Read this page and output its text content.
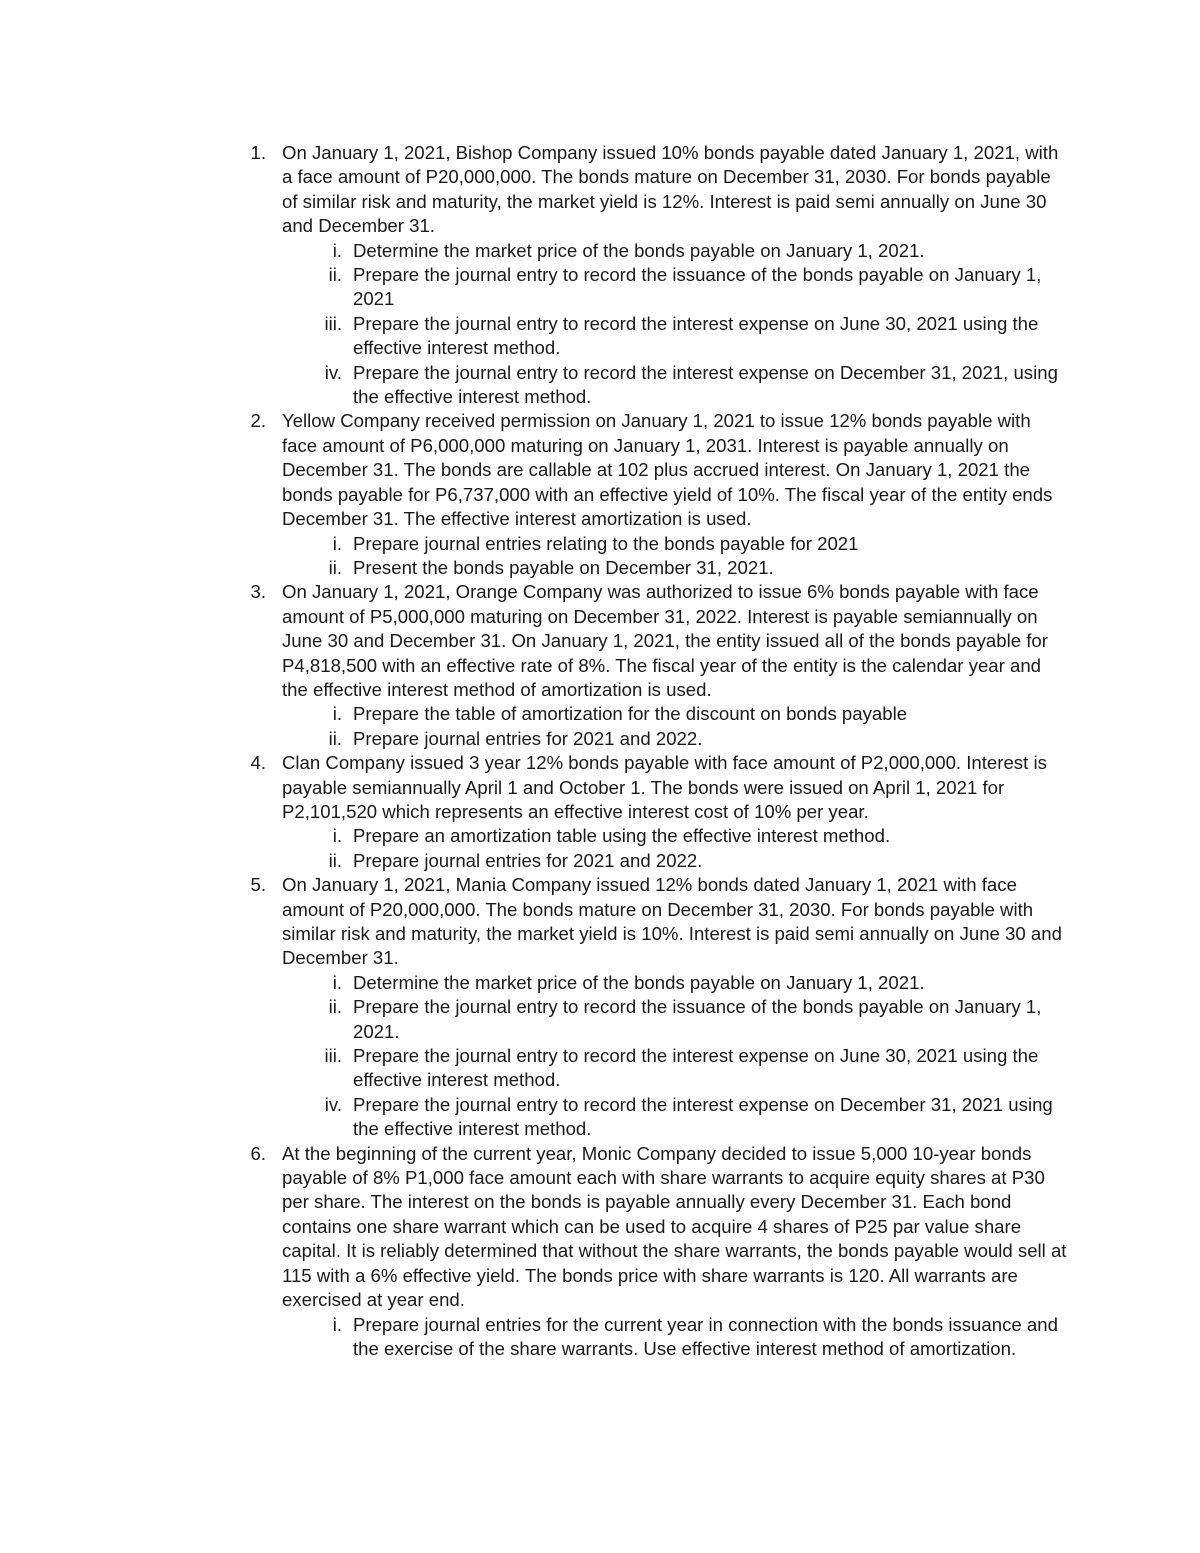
1. On January 1, 2021, Bishop Company issued 10% bonds payable dated January 1, 2021, with a face amount of P20,000,000. The bonds mature on December 31, 2030. For bonds payable of similar risk and maturity, the market yield is 12%. Interest is paid semi annually on June 30 and December 31.
i. Determine the market price of the bonds payable on January 1, 2021.
ii. Prepare the journal entry to record the issuance of the bonds payable on January 1, 2021
iii. Prepare the journal entry to record the interest expense on June 30, 2021 using the effective interest method.
iv. Prepare the journal entry to record the interest expense on December 31, 2021, using the effective interest method.
2. Yellow Company received permission on January 1, 2021 to issue 12% bonds payable with face amount of P6,000,000 maturing on January 1, 2031. Interest is payable annually on December 31. The bonds are callable at 102 plus accrued interest. On January 1, 2021 the bonds payable for P6,737,000 with an effective yield of 10%. The fiscal year of the entity ends December 31. The effective interest amortization is used.
i. Prepare journal entries relating to the bonds payable for 2021
ii. Present the bonds payable on December 31, 2021.
3. On January 1, 2021, Orange Company was authorized to issue 6% bonds payable with face amount of P5,000,000 maturing on December 31, 2022. Interest is payable semiannually on June 30 and December 31. On January 1, 2021, the entity issued all of the bonds payable for P4,818,500 with an effective rate of 8%. The fiscal year of the entity is the calendar year and the effective interest method of amortization is used.
i. Prepare the table of amortization for the discount on bonds payable
ii. Prepare journal entries for 2021 and 2022.
4. Clan Company issued 3 year 12% bonds payable with face amount of P2,000,000. Interest is payable semiannually April 1 and October 1. The bonds were issued on April 1, 2021 for P2,101,520 which represents an effective interest cost of 10% per year.
i. Prepare an amortization table using the effective interest method.
ii. Prepare journal entries for 2021 and 2022.
5. On January 1, 2021, Mania Company issued 12% bonds dated January 1, 2021 with face amount of P20,000,000. The bonds mature on December 31, 2030. For bonds payable with similar risk and maturity, the market yield is 10%. Interest is paid semi annually on June 30 and December 31.
i. Determine the market price of the bonds payable on January 1, 2021.
ii. Prepare the journal entry to record the issuance of the bonds payable on January 1, 2021.
iii. Prepare the journal entry to record the interest expense on June 30, 2021 using the effective interest method.
iv. Prepare the journal entry to record the interest expense on December 31, 2021 using the effective interest method.
6. At the beginning of the current year, Monic Company decided to issue 5,000 10-year bonds payable of 8% P1,000 face amount each with share warrants to acquire equity shares at P30 per share. The interest on the bonds is payable annually every December 31. Each bond contains one share warrant which can be used to acquire 4 shares of P25 par value share capital. It is reliably determined that without the share warrants, the bonds payable would sell at 115 with a 6% effective yield. The bonds price with share warrants is 120. All warrants are exercised at year end.
i. Prepare journal entries for the current year in connection with the bonds issuance and the exercise of the share warrants. Use effective interest method of amortization.
